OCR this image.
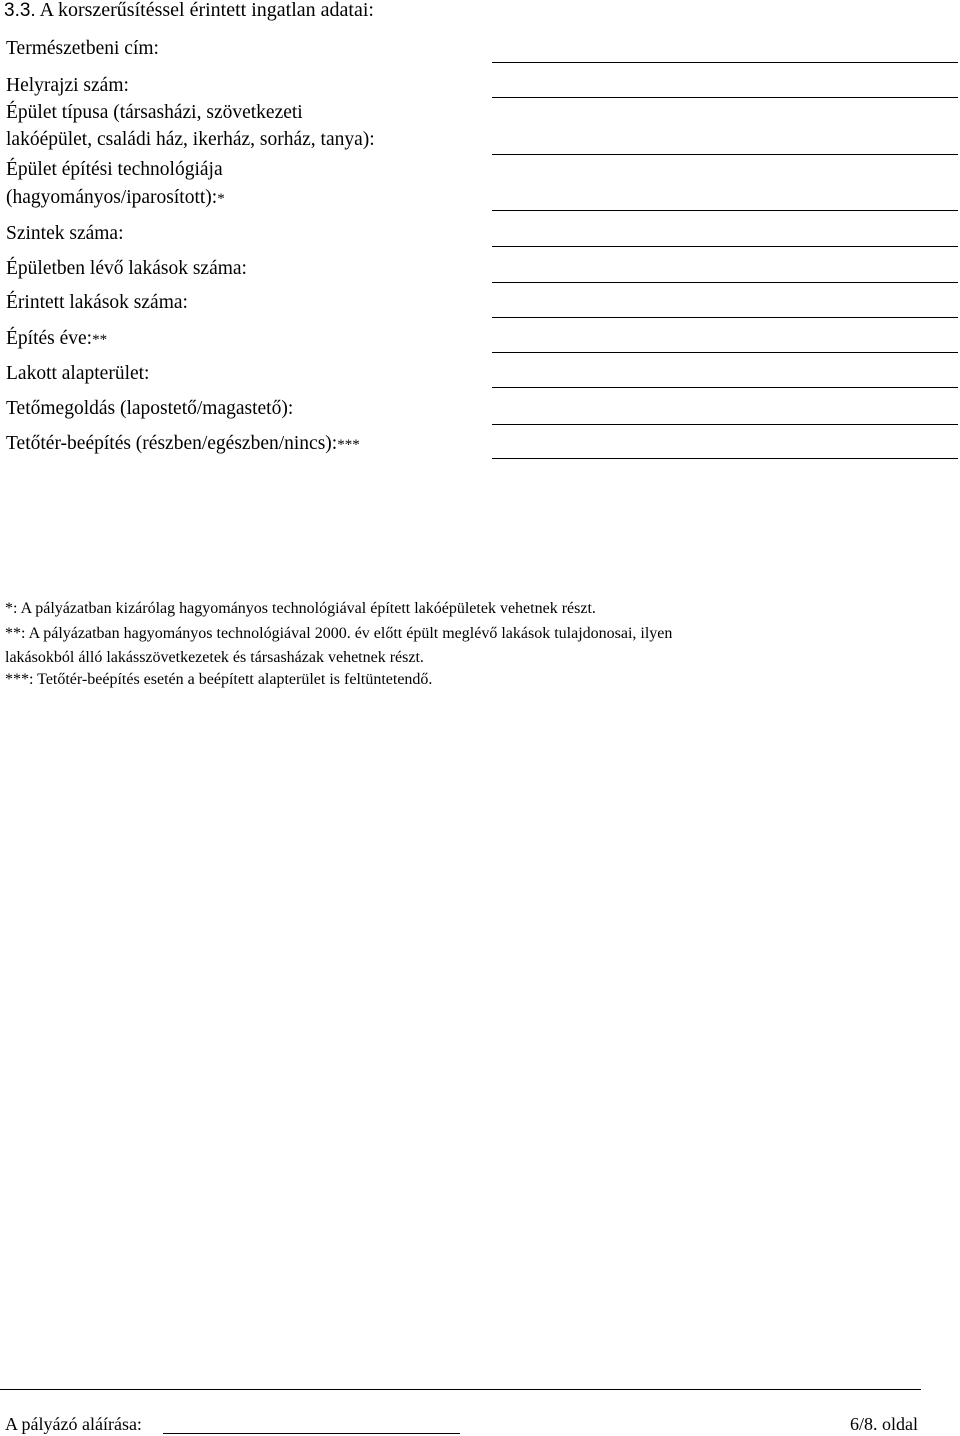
3.3. A korszerűsítéssel érintett ingatlan adatai:
Természetbeni cím:
Helyrajzi szám:
Épület típusa (társasházi, szövetkezeti
lakóépület, családi ház, ikerház, sorház, tanya):
Épület építési technológiája
(hagyományos/iparosított):*
Szintek száma:
Épületben lévő lakások száma:
Érintett lakások száma:
Építés éve:**
Lakott alapterület:
Tetőmegoldás (lapostető/magastető):
Tetőtér-beépítés (részben/egészben/nincs):***
*: A pályázatban kizárólag hagyományos technológiával épített lakóépületek vehetnek részt.
**: A pályázatban hagyományos technológiával 2000. év előtt épült meglévő lakások tulajdonosai, ilyen
lakásokból álló lakásszövetkezetek és társasházak vehetnek részt.
***: Tetőtér-beépítés esetén a beépített alapterület is feltüntetendő.
A pályázó aláírása:	6/8. oldal
